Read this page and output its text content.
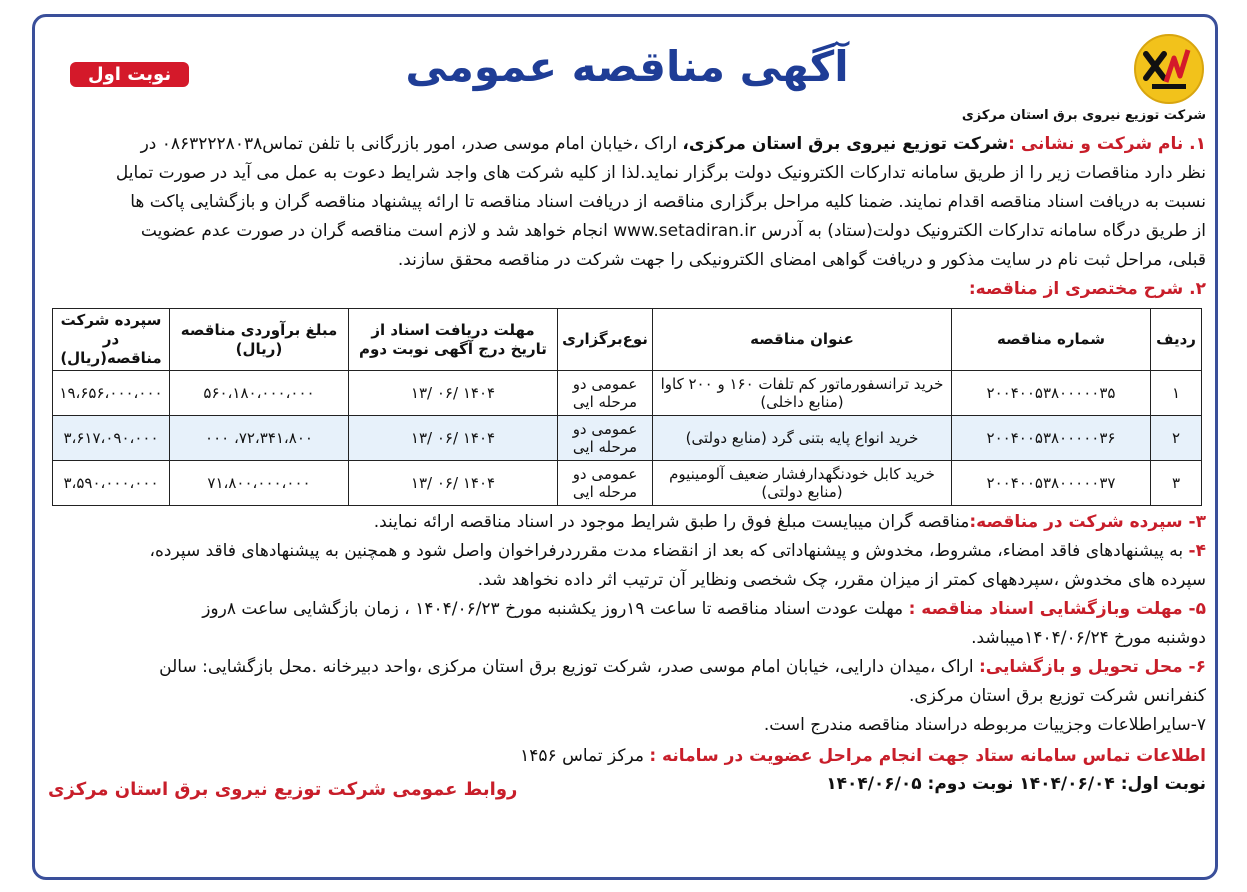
شرکت توزیع نیروی برق استان مرکزی
آگهی مناقصه عمومی
نوبت اول

۱. نام شرکت و نشانی :شرکت توزیع نیروی برق استان مرکزی، اراک ،خیابان امام موسی صدر، امور بازرگانی با تلفن تماس۰۸۶۳۲۲۲۸۰۳۸ در

نظر دارد مناقصات زیر را از طریق سامانه تدارکات الکترونیک دولت برگزار نماید.لذا از کلیه شرکت های واجد شرایط دعوت به عمل می آید در صورت تمایل

نسبت به دریافت اسناد مناقصه اقدام نمایند. ضمنا کلیه مراحل برگزاری مناقصه از دریافت اسناد مناقصه تا ارائه پیشنهاد مناقصه گران و بازگشایی پاکت ها

از طریق درگاه سامانه تدارکات الکترونیک دولت(ستاد) به آدرس www.setadiran.ir انجام خواهد شد و لازم است مناقصه گران در صورت عدم عضویت

قبلی، مراحل ثبت نام در سایت مذکور و دریافت گواهی امضای الکترونیکی را جهت شرکت در مناقصه محقق سازند.

۲. شرح مختصری از مناقصه:

ردیف	شماره مناقصه	عنوان مناقصه	نوع‌برگزاری	مهلت دریافت اسناد از تاریخ درج آگهی نوبت دوم	مبلغ برآوردی مناقصه (ریال)	سپرده شرکت در مناقصه(ریال)
۱	۲۰۰۴۰۰۵۳۸۰۰۰۰۰۳۵	خرید ترانسفورماتور کم تلفات ۱۶۰ و ۲۰۰ کاوا (منابع داخلی)	عمومی دو مرحله ایی	۱۴۰۴ /۰۶ /۱۳	۵۶۰،۱۸۰،۰۰۰،۰۰۰	۱۹،۶۵۶،۰۰۰،۰۰۰
۲	۲۰۰۴۰۰۵۳۸۰۰۰۰۰۳۶	خرید انواع پایه بتنی گرد (منابع دولتی)	عمومی دو مرحله ایی	۱۴۰۴ /۰۶ /۱۳	۷۲،۳۴۱،۸۰۰، ۰۰۰	۳،۶۱۷،۰۹۰،۰۰۰
۳	۲۰۰۴۰۰۵۳۸۰۰۰۰۰۳۷	خرید کابل خودنگهدارفشار ضعیف آلومینیوم (منابع دولتی)	عمومی دو مرحله ایی	۱۴۰۴ /۰۶ /۱۳	۷۱،۸۰۰،۰۰۰،۰۰۰	۳،۵۹۰،۰۰۰،۰۰۰

۳- سپرده شرکت در مناقصه:مناقصه گران میبایست مبلغ فوق را طبق شرایط موجود در اسناد مناقصه ارائه نمایند.

۴- به پیشنهادهای فاقد امضاء، مشروط، مخدوش و پیشنهاداتی که بعد از انقضاء مدت مقرردرفراخوان واصل شود و همچنین به پیشنهادهای فاقد سپرده،

سپرده های مخدوش ،سپردههای کمتر از میزان مقرر، چک شخصی ونظایر آن ترتیب اثر داده نخواهد شد.

۵- مهلت وبازگشایی اسناد مناقصه : مهلت عودت اسناد مناقصه تا ساعت ۱۹روز یکشنبه مورخ ۱۴۰۴/۰۶/۲۳ ، زمان بازگشایی ساعت ۸روز

دوشنبه مورخ ۱۴۰۴/۰۶/۲۴میباشد.

۶- محل تحویل و بازگشایی: اراک ،میدان دارایی، خیابان امام موسی صدر، شرکت توزیع برق استان مرکزی ،واحد دبیرخانه .محل بازگشایی: سالن

کنفرانس شرکت توزیع برق استان مرکزی.

۷-سایراطلاعات وجزییات مربوطه دراسناد مناقصه مندرج است.

اطلاعات تماس سامانه ستاد جهت انجام مراحل عضویت در سامانه : مرکز تماس ۱۴۵۶
نوبت اول: ۱۴۰۴/۰۶/۰۴ نوبت دوم: ۱۴۰۴/۰۶/۰۵
روابط عمومی شرکت توزیع نیروی برق استان مرکزی
